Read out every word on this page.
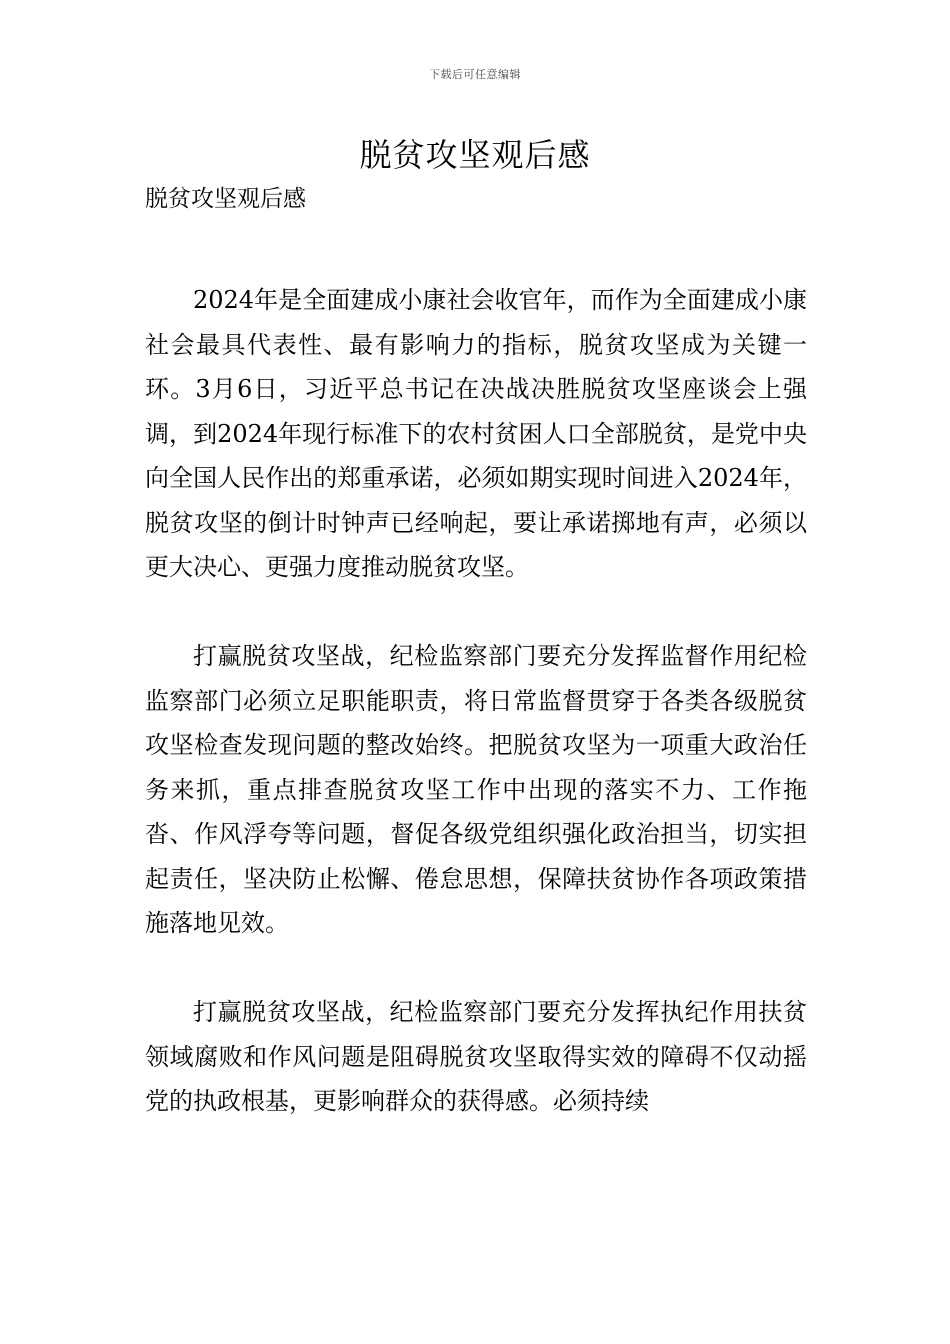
下载后可任意编辑
脱贫攻坚观后感
脱贫攻坚观后感

2024年是全面建成小康社会收官年，而作为全面建成小康社会最具代表性、最有影响力的指标，脱贫攻坚成为关键一环。3月6日，习近平总书记在决战决胜脱贫攻坚座谈会上强调，到2024年现行标准下的农村贫困人口全部脱贫，是党中央向全国人民作出的郑重承诺，必须如期实现时间进入2024年，脱贫攻坚的倒计时钟声已经响起，要让承诺掷地有声，必须以更大决心、更强力度推动脱贫攻坚。

打赢脱贫攻坚战，纪检监察部门要充分发挥监督作用纪检监察部门必须立足职能职责，将日常监督贯穿于各类各级脱贫攻坚检查发现问题的整改始终。把脱贫攻坚为一项重大政治任务来抓，重点排查脱贫攻坚工作中出现的落实不力、工作拖沓、作风浮夸等问题，督促各级党组织强化政治担当，切实担起责任，坚决防止松懈、倦怠思想，保障扶贫协作各项政策措施落地见效。

打赢脱贫攻坚战，纪检监察部门要充分发挥执纪作用扶贫领域腐败和作风问题是阻碍脱贫攻坚取得实效的障碍不仅动摇党的执政根基，更影响群众的获得感。必须持续
